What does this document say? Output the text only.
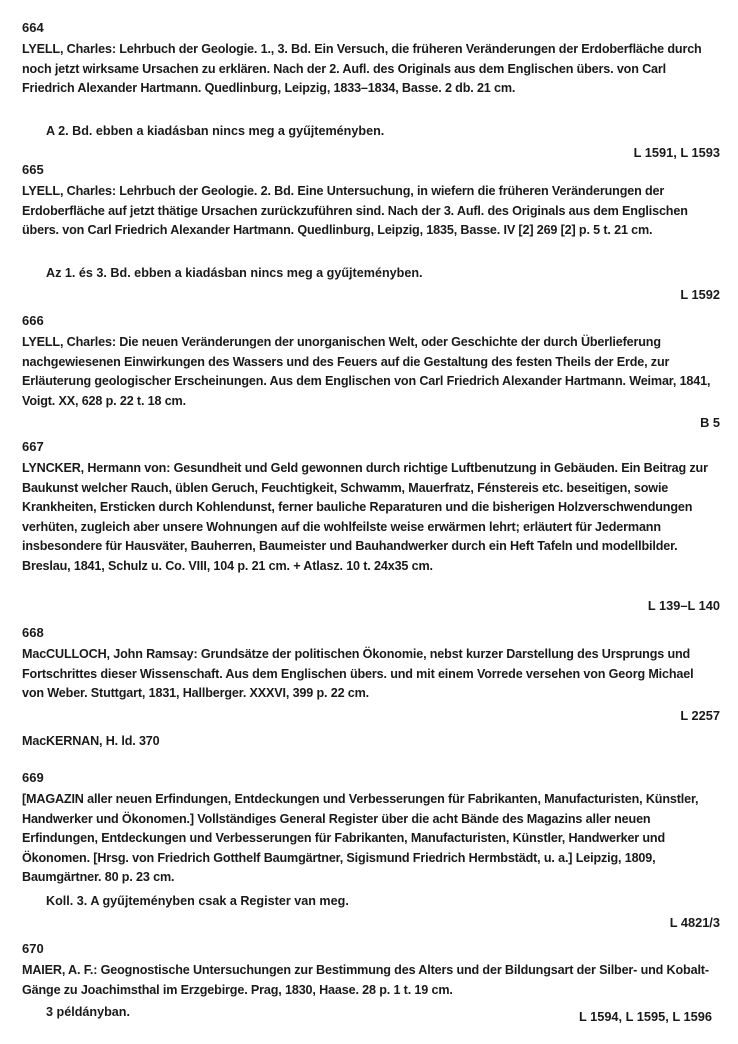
664
LYELL, Charles: Lehrbuch der Geologie. 1., 3. Bd. Ein Versuch, die früheren Veränderungen der Erdoberfläche durch noch jetzt wirksame Ursachen zu erklären. Nach der 2. Aufl. des Originals aus dem Englischen übers. von Carl Friedrich Alexander Hartmann. Quedlinburg, Leipzig, 1833–1834, Basse. 2 db. 21 cm.
A 2. Bd. ebben a kiadásban nincs meg a gyűjteményben.
L 1591, L 1593
665
LYELL, Charles: Lehrbuch der Geologie. 2. Bd. Eine Untersuchung, in wiefern die früheren Veränderungen der Erdoberfläche auf jetzt thätige Ursachen zurückzuführen sind. Nach der 3. Aufl. des Originals aus dem Englischen übers. von Carl Friedrich Alexander Hartmann. Quedlinburg, Leipzig, 1835, Basse. IV [2] 269 [2] p. 5 t. 21 cm.
Az 1. és 3. Bd. ebben a kiadásban nincs meg a gyűjteményben.
L 1592
666
LYELL, Charles: Die neuen Veränderungen der unorganischen Welt, oder Geschichte der durch Überlieferung nachgewiesenen Einwirkungen des Wassers und des Feuers auf die Gestaltung des festen Theils der Erde, zur Erläuterung geologischer Erscheinungen. Aus dem Englischen von Carl Friedrich Alexander Hartmann. Weimar, 1841, Voigt. XX, 628 p. 22 t. 18 cm.
B 5
667
LYNCKER, Hermann von: Gesundheit und Geld gewonnen durch richtige Luftbenutzung in Gebäuden. Ein Beitrag zur Baukunst welcher Rauch, üblen Geruch, Feuchtigkeit, Schwamm, Mauerfratz, Fénstereis etc. beseitigen, sowie Krankheiten, Ersticken durch Kohlendunst, ferner bauliche Reparaturen und die bisherigen Holzverschwendungen verhüten, zugleich aber unsere Wohnungen auf die wohlfeilste weise erwärmen lehrt; erläutert für Jedermann insbesondere für Hausväter, Bauherren, Baumeister und Bauhandwerker durch ein Heft Tafeln und modellbilder. Breslau, 1841, Schulz u. Co. VIII, 104 p. 21 cm. + Atlasz. 10 t. 24x35 cm.
L 139–L 140
668
MacCULLOCH, John Ramsay: Grundsätze der politischen Ökonomie, nebst kurzer Darstellung des Ursprungs und Fortschrittes dieser Wissenschaft. Aus dem Englischen übers. und mit einem Vorrede versehen von Georg Michael von Weber. Stuttgart, 1831, Hallberger. XXXVI, 399 p. 22 cm.
L 2257
MacKERNAN, H. ld. 370
669
[MAGAZIN aller neuen Erfindungen, Entdeckungen und Verbesserungen für Fabrikanten, Manufacturisten, Künstler, Handwerker und Ökonomen.] Vollständiges General Register über die acht Bände des Magazins aller neuen Erfindungen, Entdeckungen und Verbesserungen für Fabrikanten, Manufacturisten, Künstler, Handwerker und Ökonomen. [Hrsg. von Friedrich Gotthelf Baumgärtner, Sigismund Friedrich Hermbstädt, u. a.] Leipzig, 1809, Baumgärtner. 80 p. 23 cm.
Koll. 3. A gyűjteményben csak a Register van meg.
L 4821/3
670
MAIER, A. F.: Geognostische Untersuchungen zur Bestimmung des Alters und der Bildungsart der Silber- und Kobalt-Gänge zu Joachimsthal im Erzgebirge. Prag, 1830, Haase. 28 p. 1 t. 19 cm.
3 példányban.	L 1594, L 1595, L 1596
